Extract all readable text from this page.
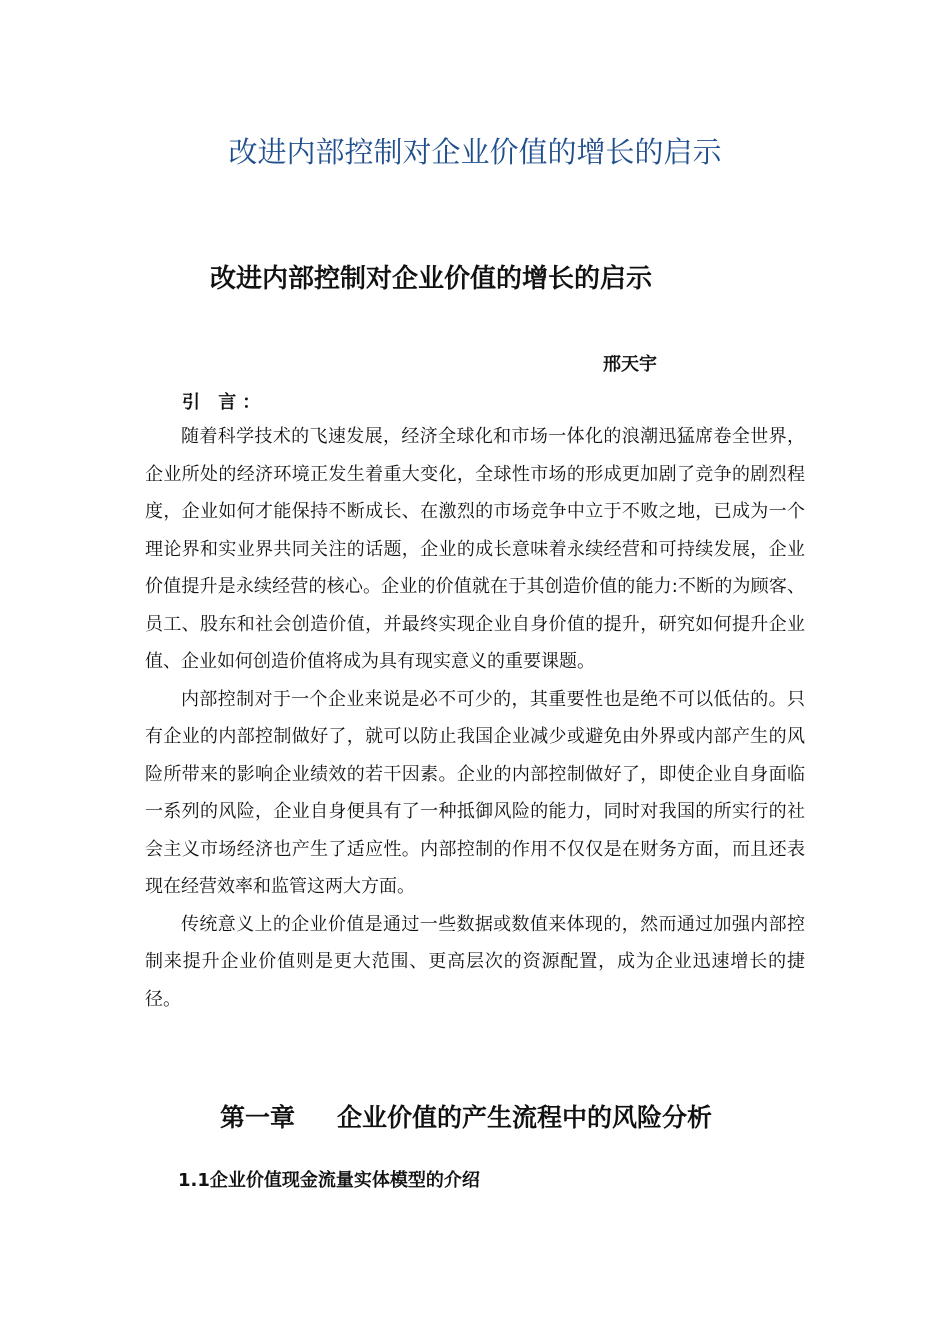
改进内部控制对企业价值的增长的启示
改进内部控制对企业价值的增长的启示
邢天宇
引 言：

随着科学技术的飞速发展，经济全球化和市场一体化的浪潮迅猛席卷全世界，企业所处的经济环境正发生着重大变化，全球性市场的形成更加剧了竞争的剧烈程度，企业如何才能保持不断成长、在激烈的市场竞争中立于不败之地，已成为一个理论界和实业界共同关注的话题，企业的成长意味着永续经营和可持续发展，企业价值提升是永续经营的核心。企业的价值就在于其创造价值的能力:不断的为顾客、员工、股东和社会创造价值，并最终实现企业自身价值的提升，研究如何提升企业值、企业如何创造价值将成为具有现实意义的重要课题。

内部控制对于一个企业来说是必不可少的，其重要性也是绝不可以低估的。只有企业的内部控制做好了，就可以防止我国企业减少或避免由外界或内部产生的风险所带来的影响企业绩效的若干因素。企业的内部控制做好了，即使企业自身面临一系列的风险，企业自身便具有了一种抵御风险的能力，同时对我国的所实行的社会主义市场经济也产生了适应性。内部控制的作用不仅仅是在财务方面，而且还表现在经营效率和监管这两大方面。

传统意义上的企业价值是通过一些数据或数值来体现的，然而通过加强内部控制来提升企业价值则是更大范围、更高层次的资源配置，成为企业迅速增长的捷径。

第一章 企业价值的产生流程中的风险分析
1.1企业价值现金流量实体模型的介绍
